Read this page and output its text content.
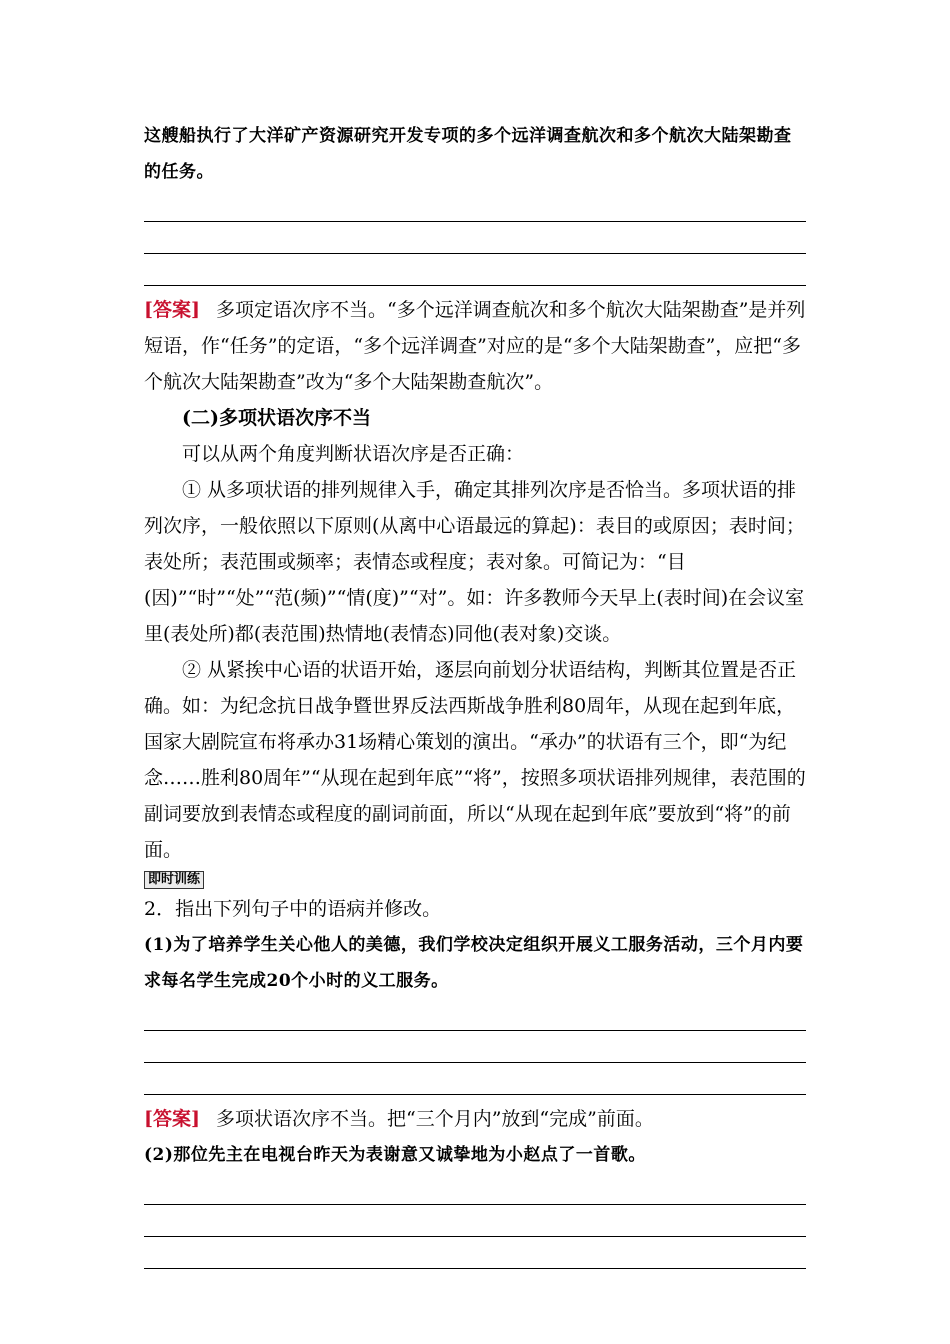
这艘船执行了大洋矿产资源研究开发专项的多个远洋调查航次和多个航次大陆架勘查的任务。

[答案] 多项定语次序不当。“多个远洋调查航次和多个航次大陆架勘查”是并列短语，作“任务”的定语，“多个远洋调查”对应的是“多个大陆架勘查”，应把“多个航次大陆架勘查”改为“多个大陆架勘查航次”。

(二)多项状语次序不当

可以从两个角度判断状语次序是否正确：

① 从多项状语的排列规律入手，确定其排列次序是否恰当。多项状语的排列次序，一般依照以下原则(从离中心语最远的算起)：表目的或原因；表时间；表处所；表范围或频率；表情态或程度；表对象。可简记为：“目(因)”“时”“处”“范(频)”“情(度)”“对”。如：许多教师今天早上(表时间)在会议室里(表处所)都(表范围)热情地(表情态)同他(表对象)交谈。

② 从紧挨中心语的状语开始，逐层向前划分状语结构，判断其位置是否正确。如：为纪念抗日战争暨世界反法西斯战争胜利80周年，从现在起到年底，国家大剧院宣布将承办31场精心策划的演出。“承办”的状语有三个，即“为纪念……胜利80周年”“从现在起到年底”“将”，按照多项状语排列规律，表范围的副词要放到表情态或程度的副词前面，所以“从现在起到年底”要放到“将”的前面。

即时训练

2．指出下列句子中的语病并修改。

(1)为了培养学生关心他人的美德，我们学校决定组织开展义工服务活动，三个月内要求每名学生完成20个小时的义工服务。

[答案] 多项状语次序不当。把“三个月内”放到“完成”前面。

(2)那位先主在电视台昨天为表谢意又诚挚地为小赵点了一首歌。
